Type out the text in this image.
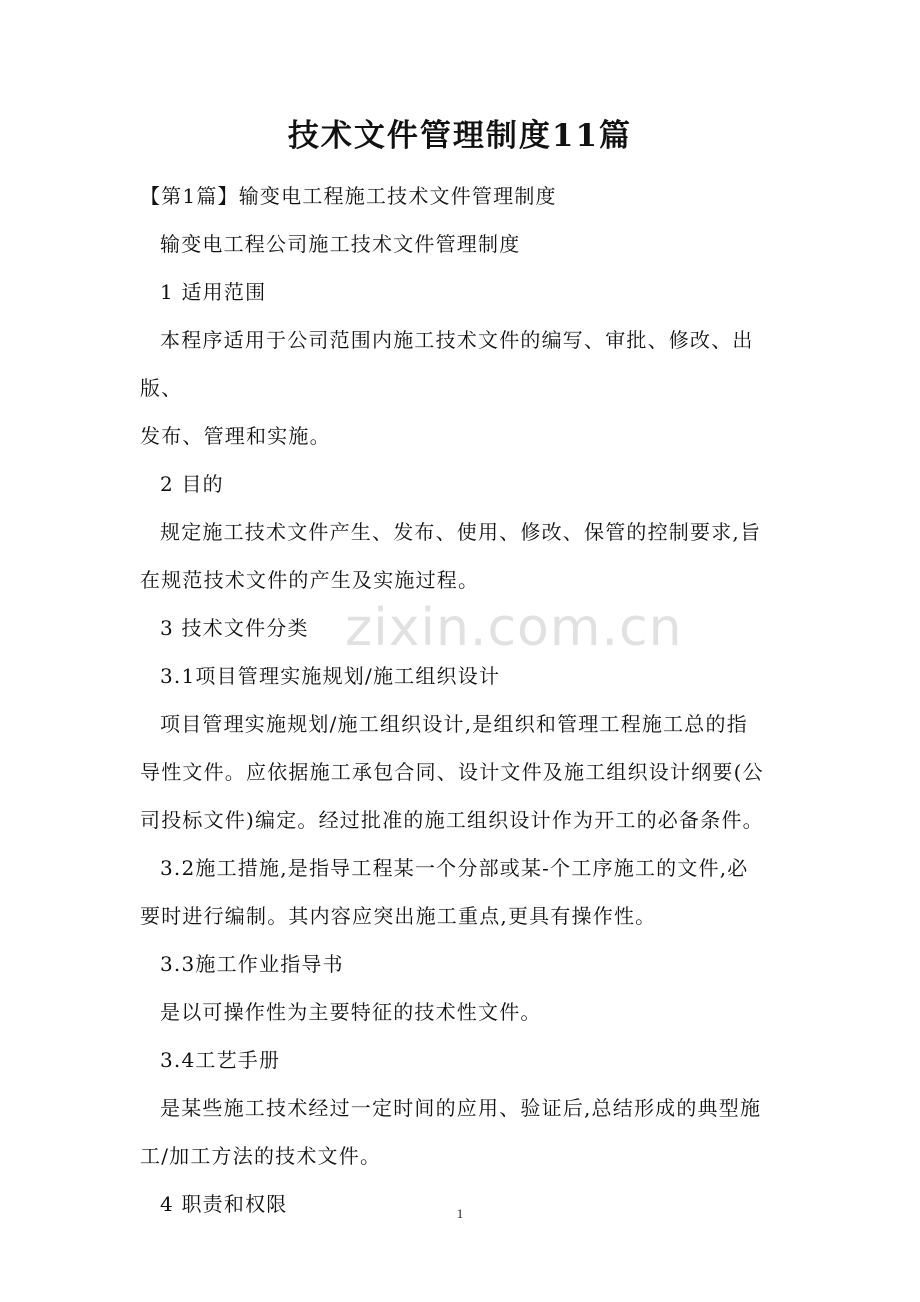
技术文件管理制度11篇

【第1篇】输变电工程施工技术文件管理制度

输变电工程公司施工技术文件管理制度

1 适用范围

本程序适用于公司范围内施工技术文件的编写、审批、修改、出版、

发布、管理和实施。

2 目的

规定施工技术文件产生、发布、使用、修改、保管的控制要求,旨

在规范技术文件的产生及实施过程。

3 技术文件分类

3.1项目管理实施规划/施工组织设计

项目管理实施规划/施工组织设计,是组织和管理工程施工总的指

导性文件。应依据施工承包合同、设计文件及施工组织设计纲要(公

司投标文件)编定。经过批准的施工组织设计作为开工的必备条件。

3.2施工措施,是指导工程某一个分部或某-个工序施工的文件,必

要时进行编制。其内容应突出施工重点,更具有操作性。

3.3施工作业指导书

是以可操作性为主要特征的技术性文件。

3.4工艺手册

是某些施工技术经过一定时间的应用、验证后,总结形成的典型施

工/加工方法的技术文件。

4 职责和权限

zixin.com.cn
1
